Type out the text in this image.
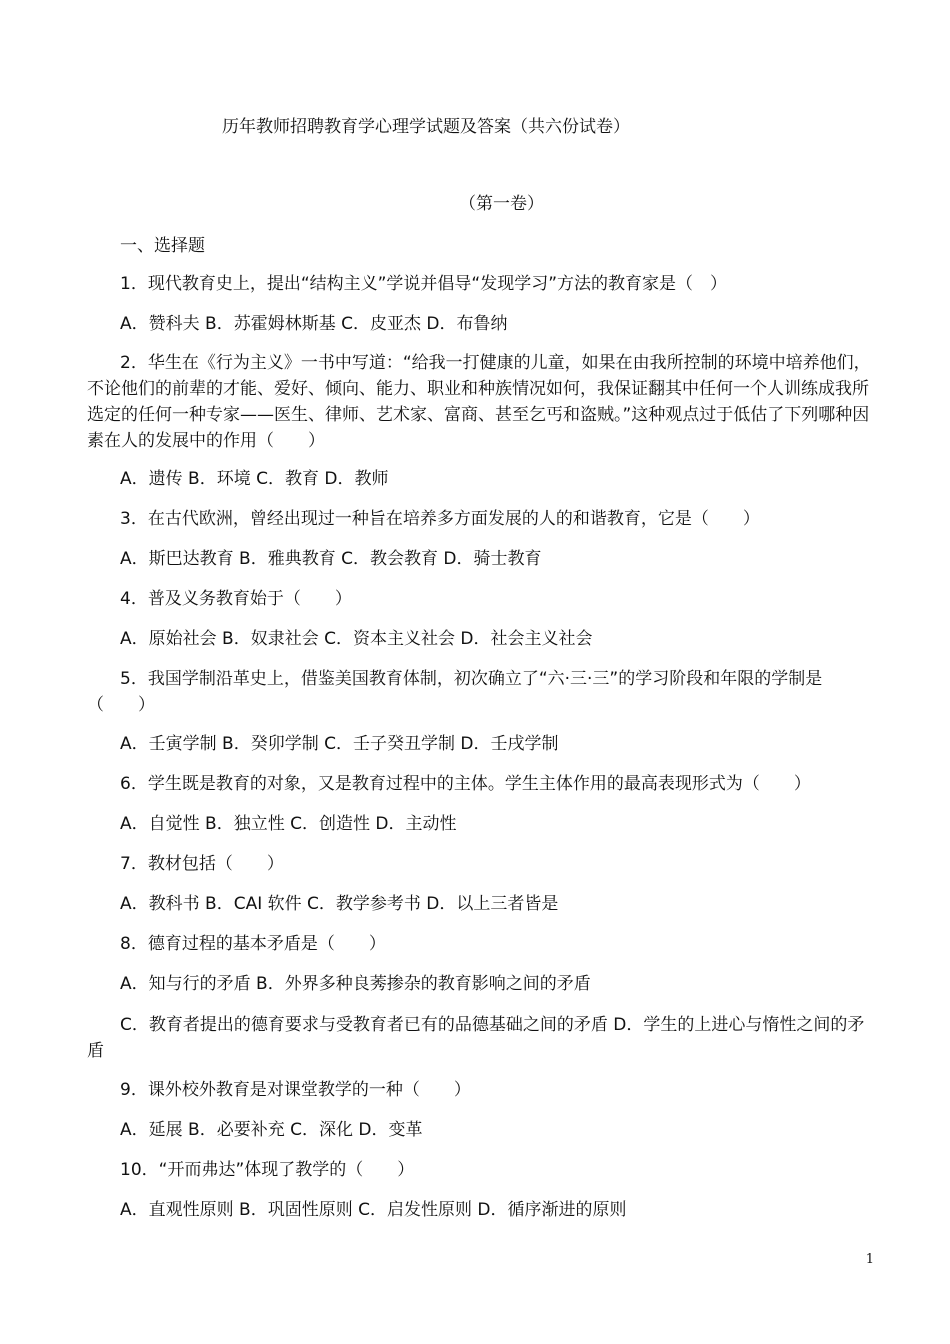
历年教师招聘教育学心理学试题及答案（共六份试卷）
（第一卷）
一、选择题
1．现代教育史上，提出“结构主义”学说并倡导“发现学习”方法的教育家是（　）
A．赞科夫 B．苏霍姆林斯基 C．皮亚杰 D．布鲁纳
2．华生在《行为主义》一书中写道：“给我一打健康的儿童，如果在由我所控制的环境中培养他们，不论他们的前辈的才能、爱好、倾向、能力、职业和种族情况如何，我保证翻其中任何一个人训练成我所选定的任何一种专家——医生、律师、艺术家、富商、甚至乞丐和盗贼。”这种观点过于低估了下列哪种因素在人的发展中的作用（　　）
A．遗传 B．环境 C．教育 D．教师
3．在古代欧洲，曾经出现过一种旨在培养多方面发展的人的和谐教育，它是（　　）
A．斯巴达教育 B．雅典教育 C．教会教育 D．骑士教育
4．普及义务教育始于（　　）
A．原始社会 B．奴隶社会 C．资本主义社会 D．社会主义社会
5．我国学制沿革史上，借鉴美国教育体制，初次确立了“六·三·三”的学习阶段和年限的学制是（　　）
A．壬寅学制 B．癸卯学制 C．壬子癸丑学制 D．壬戌学制
6．学生既是教育的对象，又是教育过程中的主体。学生主体作用的最高表现形式为（　　）
A．自觉性 B．独立性 C．创造性 D．主动性
7．教材包括（　　）
A．教科书 B．CAI 软件 C．教学参考书 D．以上三者皆是
8．德育过程的基本矛盾是（　　）
A．知与行的矛盾 B．外界多种良莠掺杂的教育影响之间的矛盾
C．教育者提出的德育要求与受教育者已有的品德基础之间的矛盾 D．学生的上进心与惰性之间的矛盾
9．课外校外教育是对课堂教学的一种（　　）
A．延展 B．必要补充 C．深化 D．变革
10．“开而弗达”体现了教学的（　　）
A．直观性原则 B．巩固性原则 C．启发性原则 D．循序渐进的原则
1
